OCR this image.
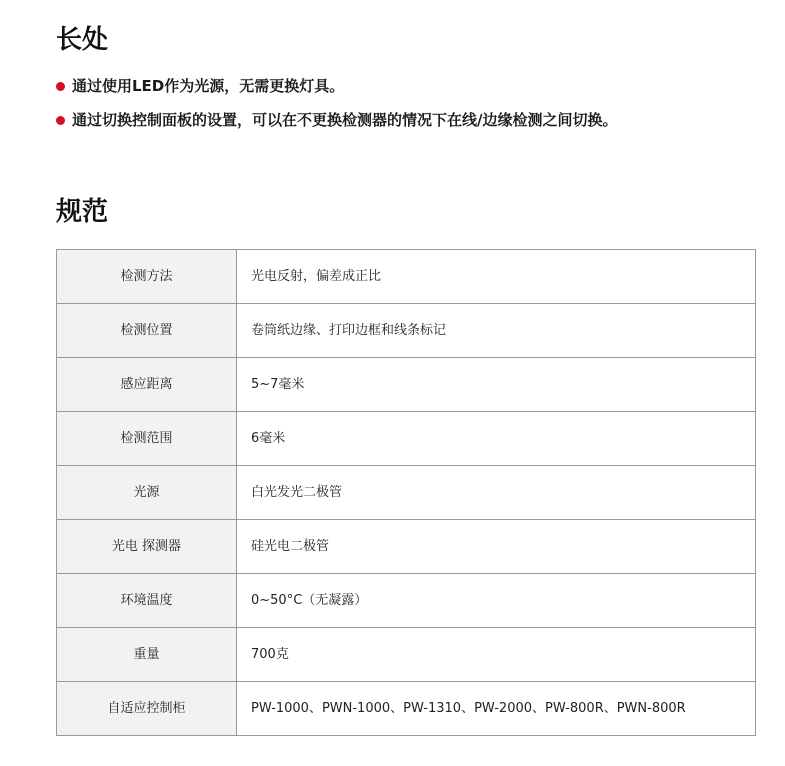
长处
通过使用LED作为光源，无需更换灯具。
通过切换控制面板的设置，可以在不更换检测器的情况下在线/边缘检测之间切换。
规范
检测方法	光电反射，偏差成正比
检测位置	卷筒纸边缘、打印边框和线条标记
感应距离	5~7毫米
检测范围	6毫米
光源	白光发光二极管
光电 探测器	硅光电二极管
环境温度	0~50°C（无凝露）
重量	700克
自适应控制柜	PW-1000、PWN-1000、PW-1310、PW-2000、PW-800R、PWN-800R
